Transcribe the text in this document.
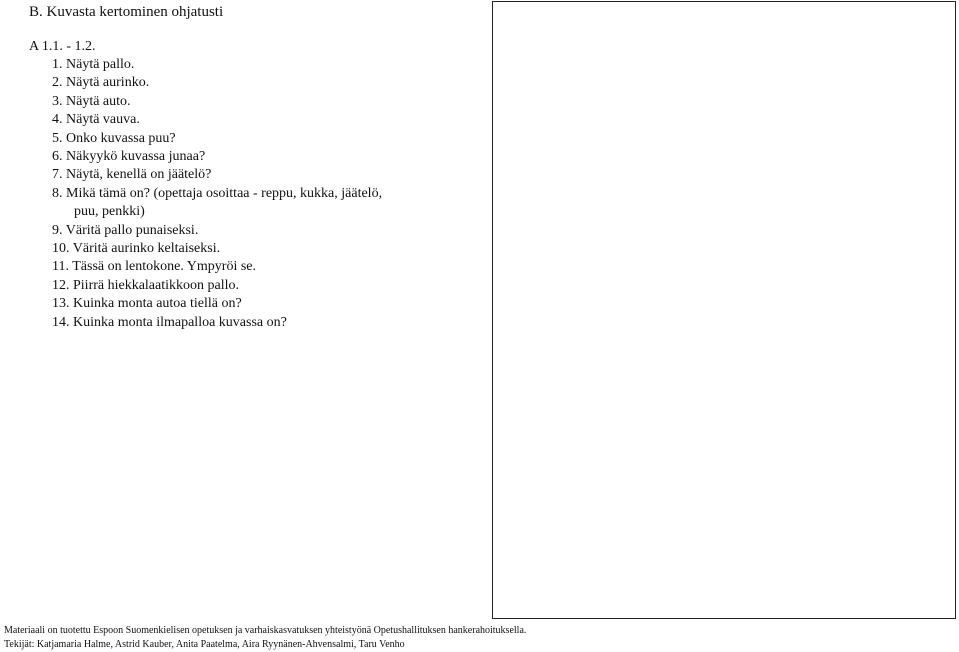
B. Kuvasta kertominen ohjatusti
A 1.1. - 1.2.
1. Näytä pallo.
2. Näytä aurinko.
3. Näytä auto.
4. Näytä vauva.
5. Onko kuvassa puu?
6. Näkyykö kuvassa junaa?
7. Näytä, kenellä on jäätelö?
8. Mikä tämä on? (opettaja osoittaa - reppu, kukka, jäätelö,
puu, penkki)
9. Väritä pallo punaiseksi.
10. Väritä aurinko keltaiseksi.
11. Tässä on lentokone. Ympyröi se.
12. Piirrä hiekkalaatikkoon pallo.
13. Kuinka monta autoa tiellä on?
14. Kuinka monta ilmapalloa kuvassa on?
Materiaali on tuotettu Espoon Suomenkielisen opetuksen ja varhaiskasvatuksen yhteistyönä Opetushallituksen hankerahoituksella.
Tekijät: Katjamaria Halme, Astrid Kauber, Anita Paatelma, Aira Ryynänen-Ahvensalmi, Taru Venho
